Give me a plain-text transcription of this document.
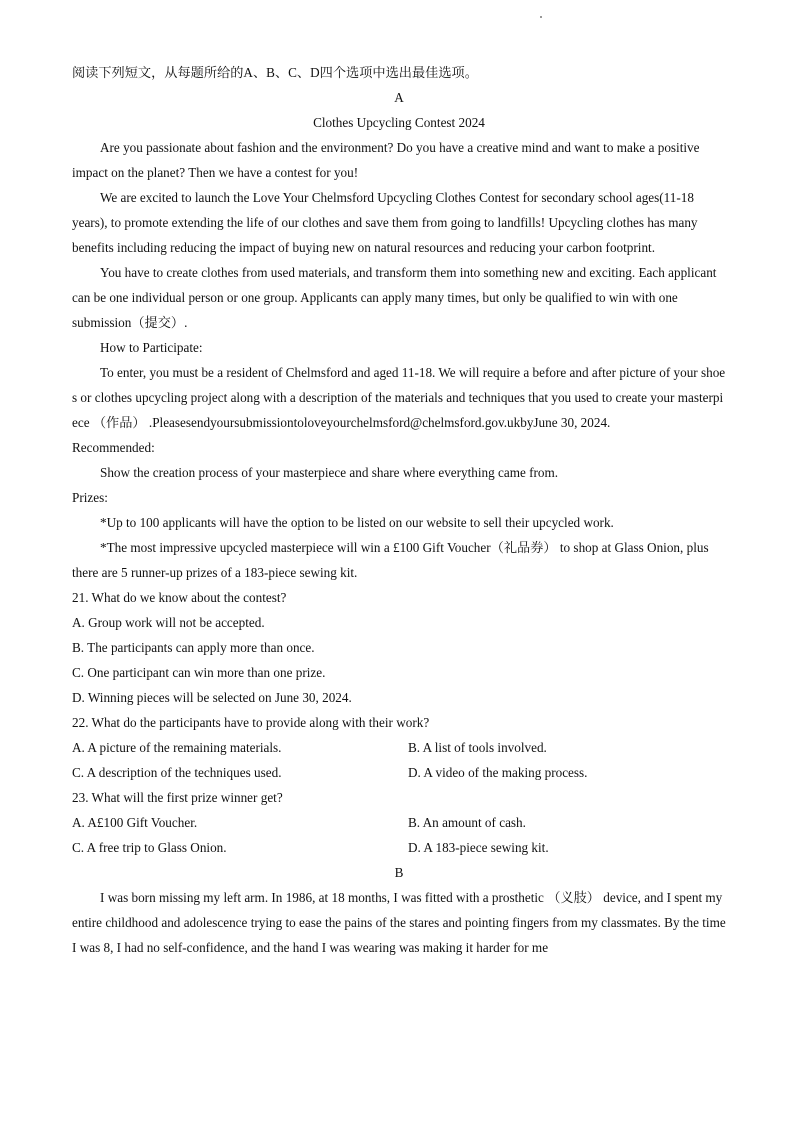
阅读下列短文，从每题所给的A、B、C、D四个选项中选出最佳选项。

A

Clothes Upcycling Contest 2024

Are you passionate about fashion and the environment? Do you have a creative mind and want to make a positive impact on the planet? Then we have a contest for you!

We are excited to launch the Love Your Chelmsford Upcycling Clothes Contest for secondary school ages(11-18 years), to promote extending the life of our clothes and save them from going to landfills! Upcycling clothes has many benefits including reducing the impact of buying new on natural resources and reducing your carbon footprint.

You have to create clothes from used materials, and transform them into something new and exciting. Each applicant can be one individual person or one group. Applicants can apply many times, but only be qualified to win with one submission（提交）.

How to Participate:

To enter, you must be a resident of Chelmsford and aged 11-18. We will require a before and after picture of your shoes or clothes upcycling project along with a description of the materials and techniques that you used to create your masterpiece （作品） .Pleasesendyoursubmissiontoloveyourchelmsford@chelmsford.gov.ukbyJune 30, 2024.

Recommended:

Show the creation process of your masterpiece and share where everything came from.

Prizes:

*Up to 100 applicants will have the option to be listed on our website to sell their upcycled work.

*The most impressive upcycled masterpiece will win a £100 Gift Voucher（礼品券） to shop at Glass Onion, plus there are 5 runner-up prizes of a 183-piece sewing kit.

21. What do we know about the contest?

A. Group work will not be accepted.

B. The participants can apply more than once.

C. One participant can win more than one prize.

D. Winning pieces will be selected on June 30, 2024.

22. What do the participants have to provide along with their work?

A. A picture of the remaining materials.	B. A list of tools involved.

C. A description of the techniques used.	D. A video of the making process.

23. What will the first prize winner get?

A. A£100 Gift Voucher.	B. An amount of cash.

C. A free trip to Glass Onion.	D. A 183-piece sewing kit.

B

I was born missing my left arm. In 1986, at 18 months, I was fitted with a prosthetic （义肢） device, and I spent my entire childhood and adolescence trying to ease the pains of the stares and pointing fingers from my classmates. By the time I was 8, I had no self-confidence, and the hand I was wearing was making it harder for me
